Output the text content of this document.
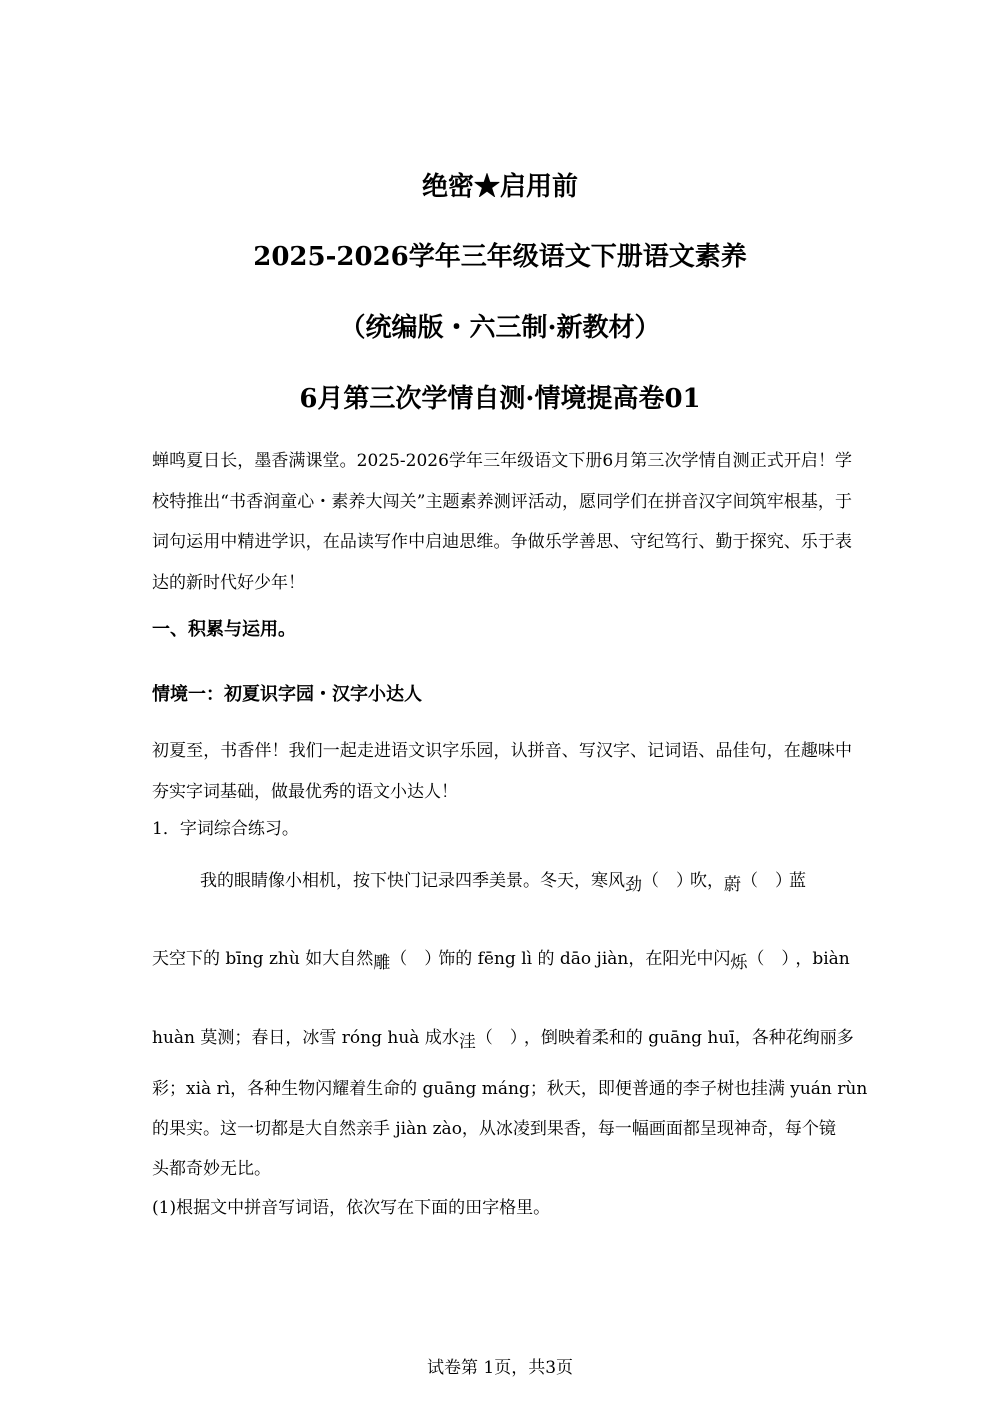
绝密★启用前
2025-2026学年三年级语文下册语文素养
（统编版・六三制·新教材）
6月第三次学情自测·情境提高卷01
蝉鸣夏日长，墨香满课堂。2025-2026学年三年级语文下册6月第三次学情自测正式开启！学校特推出“书香润童心・素养大闯关”主题素养测评活动，愿同学们在拼音汉字间筑牢根基，于词句运用中精进学识，在品读写作中启迪思维。争做乐学善思、守纪笃行、勤于探究、乐于表达的新时代好少年！
一、积累与运用。
情境一：初夏识字园・汉字小达人
初夏至，书香伴！我们一起走进语文识字乐园，认拼音、写汉字、记词语、品佳句，在趣味中夯实字词基础，做最优秀的语文小达人！
1．字词综合练习。
我的眼睛像小相机，按下快门记录四季美景。冬天，寒风劲（　）吹，蔚（　）蓝
天空下的 bīng zhù 如大自然雕（　）饰的 fēng lì 的 dāo jiàn，在阳光中闪烁（　），biàn
huàn 莫测；春日，冰雪 róng huà 成水洼（　），倒映着柔和的 guāng huī，各种花绚丽多
彩；xià rì，各种生物闪耀着生命的 guāng máng；秋天，即便普通的李子树也挂满 yuán rùn
的果实。这一切都是大自然亲手 jiàn zào，从冰凌到果香，每一幅画面都呈现神奇，每个镜
头都奇妙无比。
(1)根据文中拼音写词语，依次写在下面的田字格里。
试卷第 1页，共3页
